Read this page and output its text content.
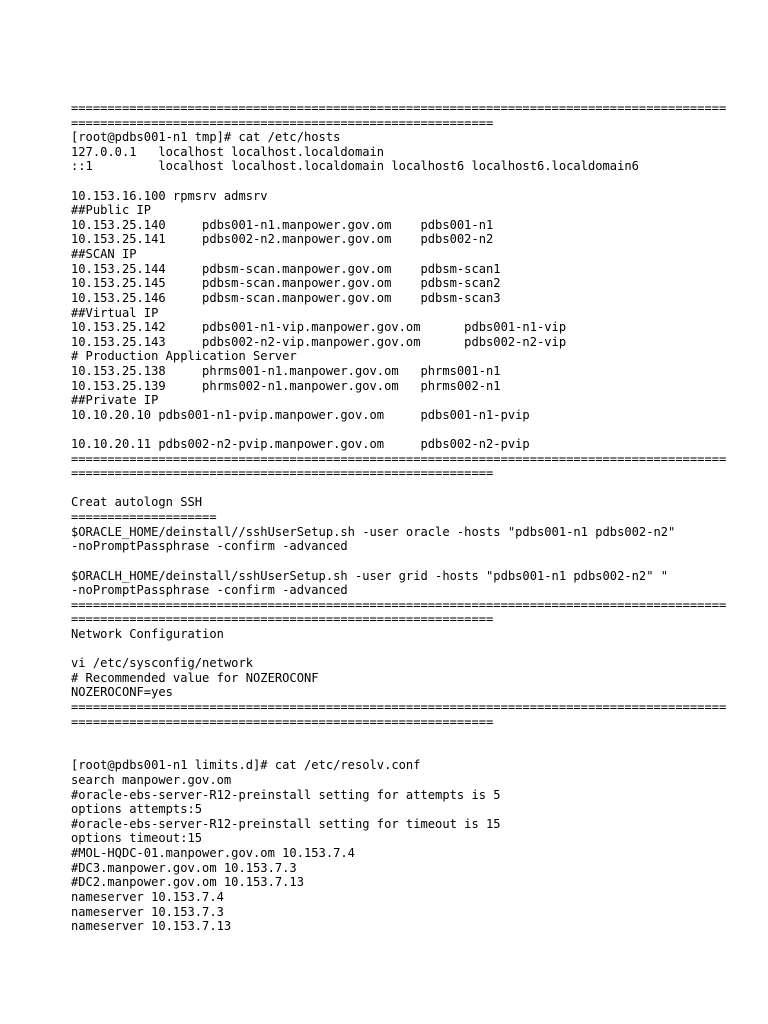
==========================================================================================
==========================================================
[root@pdbs001-n1 tmp]# cat /etc/hosts
127.0.0.1   localhost localhost.localdomain
::1         localhost localhost.localdomain localhost6 localhost6.localdomain6
10.153.16.100 rpmsrv admsrv
##Public IP
10.153.25.140     pdbs001-n1.manpower.gov.om    pdbs001-n1
10.153.25.141     pdbs002-n2.manpower.gov.om    pdbs002-n2
##SCAN IP
10.153.25.144     pdbsm-scan.manpower.gov.om    pdbsm-scan1
10.153.25.145     pdbsm-scan.manpower.gov.om    pdbsm-scan2
10.153.25.146     pdbsm-scan.manpower.gov.om    pdbsm-scan3
##Virtual IP
10.153.25.142     pdbs001-n1-vip.manpower.gov.om      pdbs001-n1-vip
10.153.25.143     pdbs002-n2-vip.manpower.gov.om      pdbs002-n2-vip
# Production Application Server
10.153.25.138     phrms001-n1.manpower.gov.om   phrms001-n1
10.153.25.139     phrms002-n1.manpower.gov.om   phrms002-n1
##Private IP
10.10.20.10 pdbs001-n1-pvip.manpower.gov.om     pdbs001-n1-pvip
10.10.20.11 pdbs002-n2-pvip.manpower.gov.om     pdbs002-n2-pvip
==========================================================================================
==========================================================
Creat autologn SSH
====================
$ORACLE_HOME/deinstall//sshUserSetup.sh -user oracle -hosts "pdbs001-n1 pdbs002-n2"
-noPromptPassphrase -confirm -advanced
$ORACLH_HOME/deinstall/sshUserSetup.sh -user grid -hosts "pdbs001-n1 pdbs002-n2" "
-noPromptPassphrase -confirm -advanced
==========================================================================================
==========================================================
Network Configuration
vi /etc/sysconfig/network
# Recommended value for NOZEROCONF
NOZEROCONF=yes
==========================================================================================
==========================================================
[root@pdbs001-n1 limits.d]# cat /etc/resolv.conf
search manpower.gov.om
#oracle-ebs-server-R12-preinstall setting for attempts is 5
options attempts:5
#oracle-ebs-server-R12-preinstall setting for timeout is 15
options timeout:15
#MOL-HQDC-01.manpower.gov.om 10.153.7.4
#DC3.manpower.gov.om 10.153.7.3
#DC2.manpower.gov.om 10.153.7.13
nameserver 10.153.7.4
nameserver 10.153.7.3
nameserver 10.153.7.13
